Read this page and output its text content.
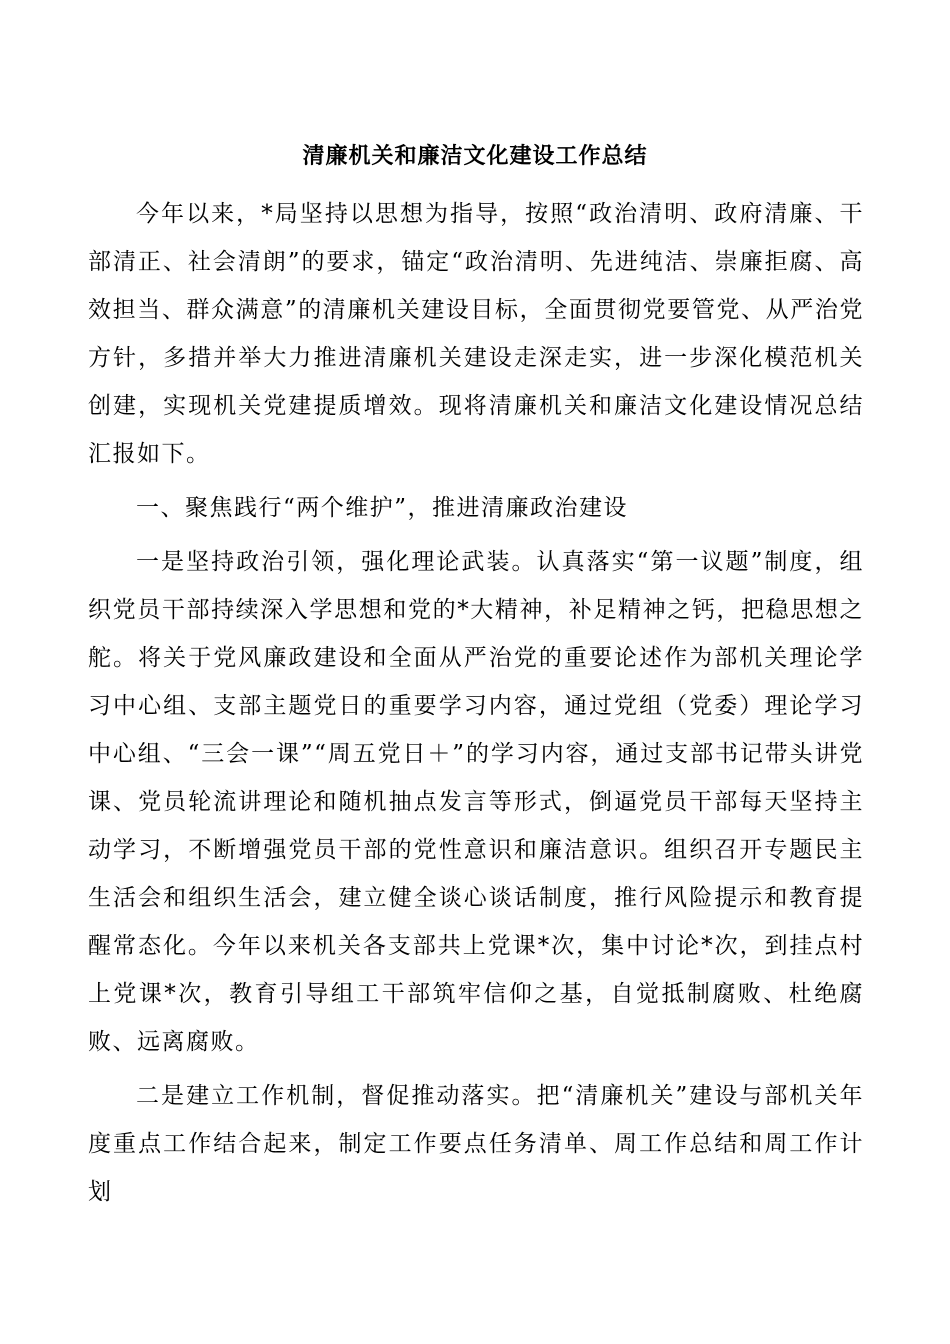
清廉机关和廉洁文化建设工作总结

今年以来，*局坚持以思想为指导，按照“政治清明、政府清廉、干部清正、社会清朗”的要求，锚定“政治清明、先进纯洁、崇廉拒腐、高效担当、群众满意”的清廉机关建设目标，全面贯彻党要管党、从严治党方针，多措并举大力推进清廉机关建设走深走实，进一步深化模范机关创建，实现机关党建提质增效。现将清廉机关和廉洁文化建设情况总结汇报如下。

一、聚焦践行“两个维护”，推进清廉政治建设

一是坚持政治引领，强化理论武装。认真落实“第一议题”制度，组织党员干部持续深入学思想和党的*大精神，补足精神之钙，把稳思想之舵。将关于党风廉政建设和全面从严治党的重要论述作为部机关理论学习中心组、支部主题党日的重要学习内容，通过党组（党委）理论学习中心组、“三会一课”“周五党日＋”的学习内容，通过支部书记带头讲党课、党员轮流讲理论和随机抽点发言等形式，倒逼党员干部每天坚持主动学习，不断增强党员干部的党性意识和廉洁意识。组织召开专题民主生活会和组织生活会，建立健全谈心谈话制度，推行风险提示和教育提醒常态化。今年以来机关各支部共上党课*次，集中讨论*次，到挂点村上党课*次，教育引导组工干部筑牢信仰之基，自觉抵制腐败、杜绝腐败、远离腐败。

二是建立工作机制，督促推动落实。把“清廉机关”建设与部机关年度重点工作结合起来，制定工作要点任务清单、周工作总结和周工作计划
